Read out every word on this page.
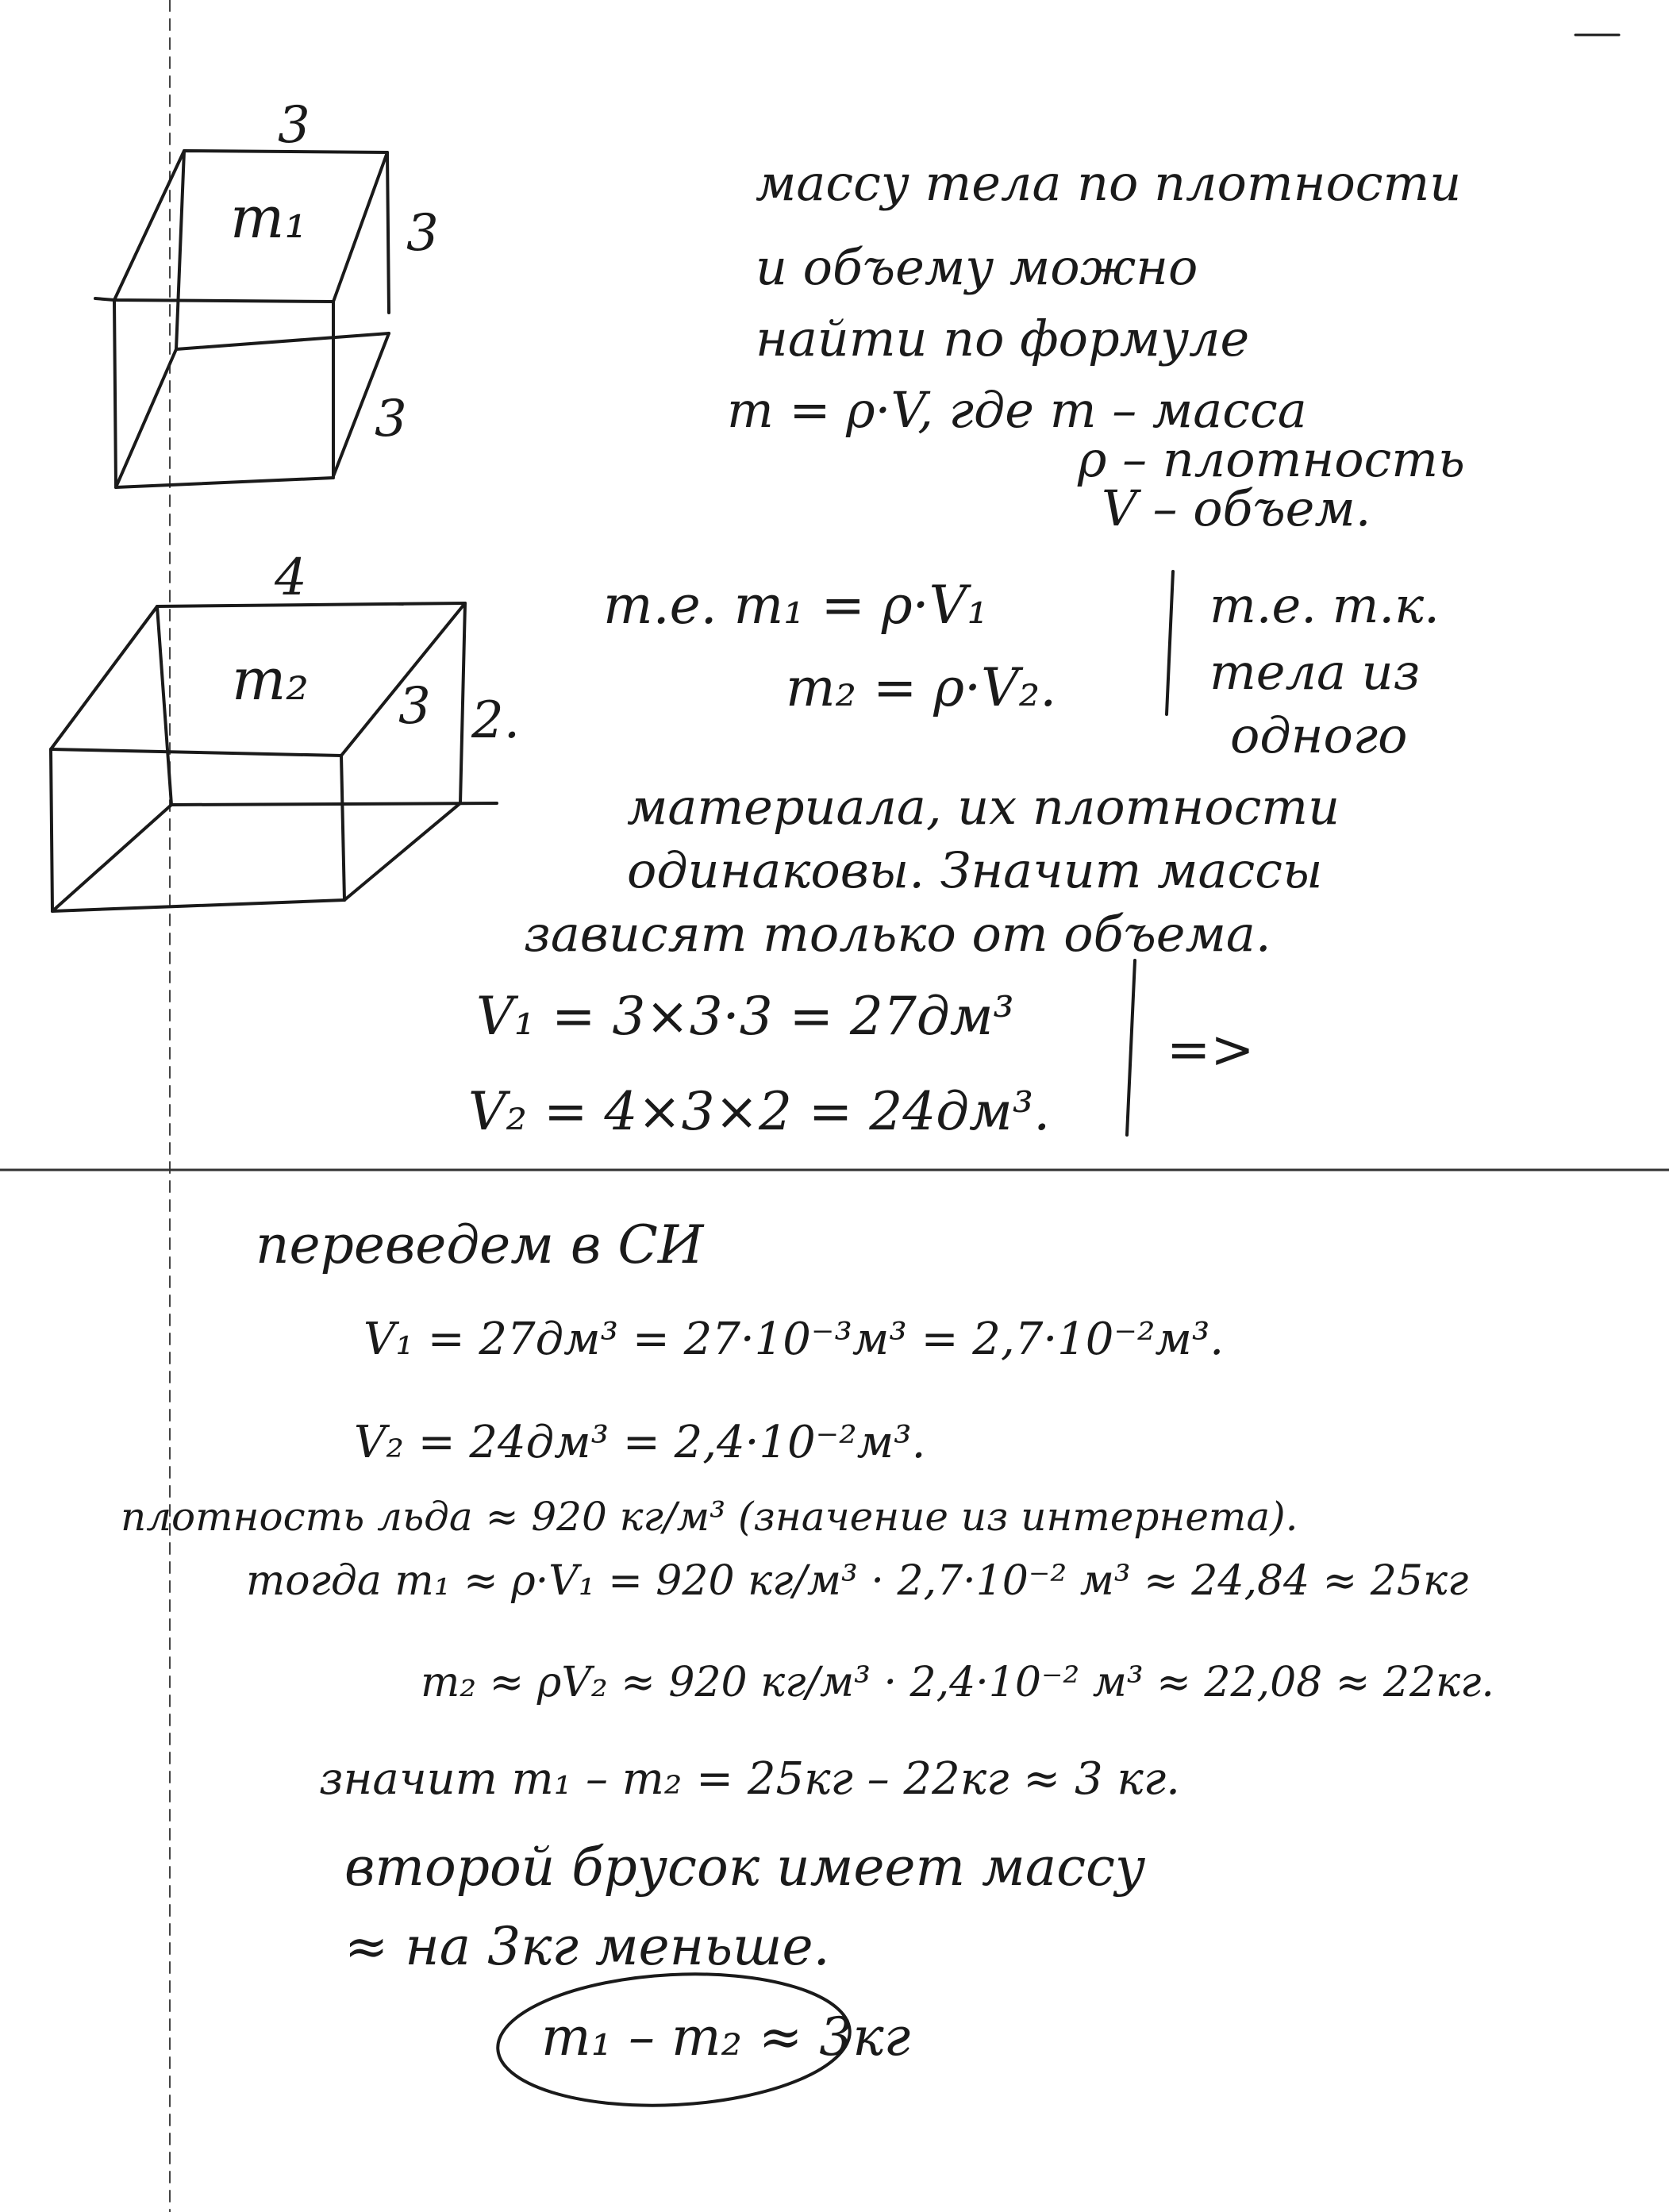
3
m₁ 3
3
4
m₂ 3 2.
массу тела по плотности
и объему можно
найти по формуле
m = ρ·V, где m – масса
ρ – плотность
V – объем.
т.е. m₁ = ρ·V₁
m₂ = ρ·V₂.
т.е. т.к.
тела из
одного
материала, их плотности
одинаковы. Значит массы
зависят только от объема.
V₁ = 3×3·3 = 27дм³
V₂ = 4×3×2 = 24дм³.
=>
переведем в СИ
V₁ = 27дм³ = 27·10⁻³м³ = 2,7·10⁻²м³.
V₂ = 24дм³ = 2,4·10⁻²м³.
плотность льда ≈ 920 кг/м³ (значение из интернета).
тогда m₁ ≈ ρ·V₁ = 920 кг/м³ · 2,7·10⁻² м³ ≈ 24,84 ≈ 25кг
m₂ ≈ ρV₂ ≈ 920 кг/м³ · 2,4·10⁻² м³ ≈ 22,08 ≈ 22кг.
значит m₁ – m₂ = 25кг – 22кг ≈ 3 кг.
второй брусок имеет массу
≈ на 3кг меньше.
m₁ – m₂ ≈ 3кг
